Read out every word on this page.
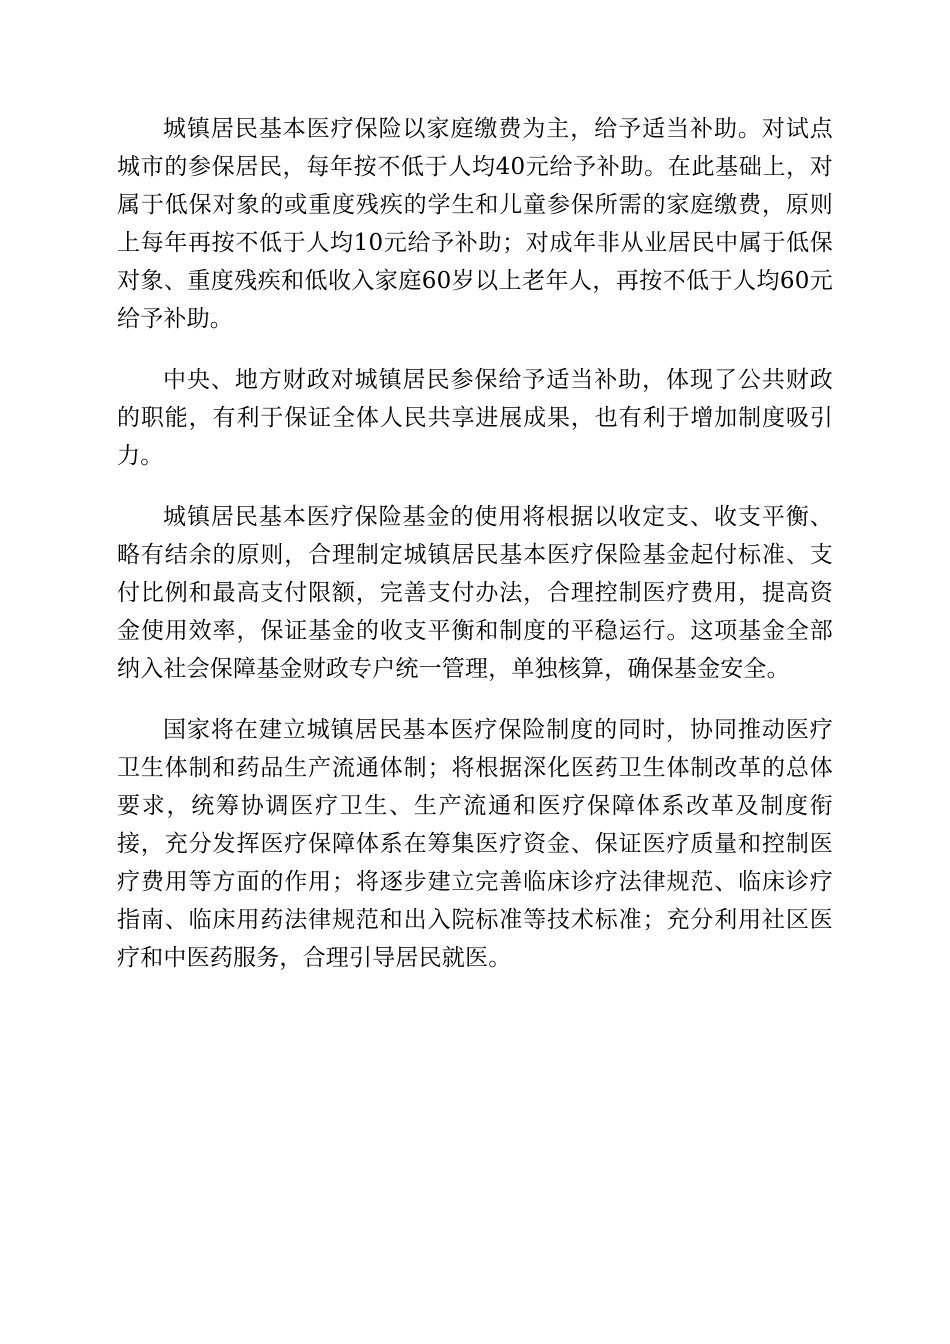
城镇居民基本医疗保险以家庭缴费为主，给予适当补助。对试点城市的参保居民，每年按不低于人均40元给予补助。在此基础上，对属于低保对象的或重度残疾的学生和儿童参保所需的家庭缴费，原则上每年再按不低于人均10元给予补助；对成年非从业居民中属于低保对象、重度残疾和低收入家庭60岁以上老年人，再按不低于人均60元给予补助。

中央、地方财政对城镇居民参保给予适当补助，体现了公共财政的职能，有利于保证全体人民共享进展成果，也有利于增加制度吸引力。

城镇居民基本医疗保险基金的使用将根据以收定支、收支平衡、略有结余的原则，合理制定城镇居民基本医疗保险基金起付标准、支付比例和最高支付限额，完善支付办法，合理控制医疗费用，提高资金使用效率，保证基金的收支平衡和制度的平稳运行。这项基金全部纳入社会保障基金财政专户统一管理，单独核算，确保基金安全。

国家将在建立城镇居民基本医疗保险制度的同时，协同推动医疗卫生体制和药品生产流通体制；将根据深化医药卫生体制改革的总体要求，统筹协调医疗卫生、生产流通和医疗保障体系改革及制度衔接，充分发挥医疗保障体系在筹集医疗资金、保证医疗质量和控制医疗费用等方面的作用；将逐步建立完善临床诊疗法律规范、临床诊疗指南、临床用药法律规范和出入院标准等技术标准；充分利用社区医疗和中医药服务，合理引导居民就医。
